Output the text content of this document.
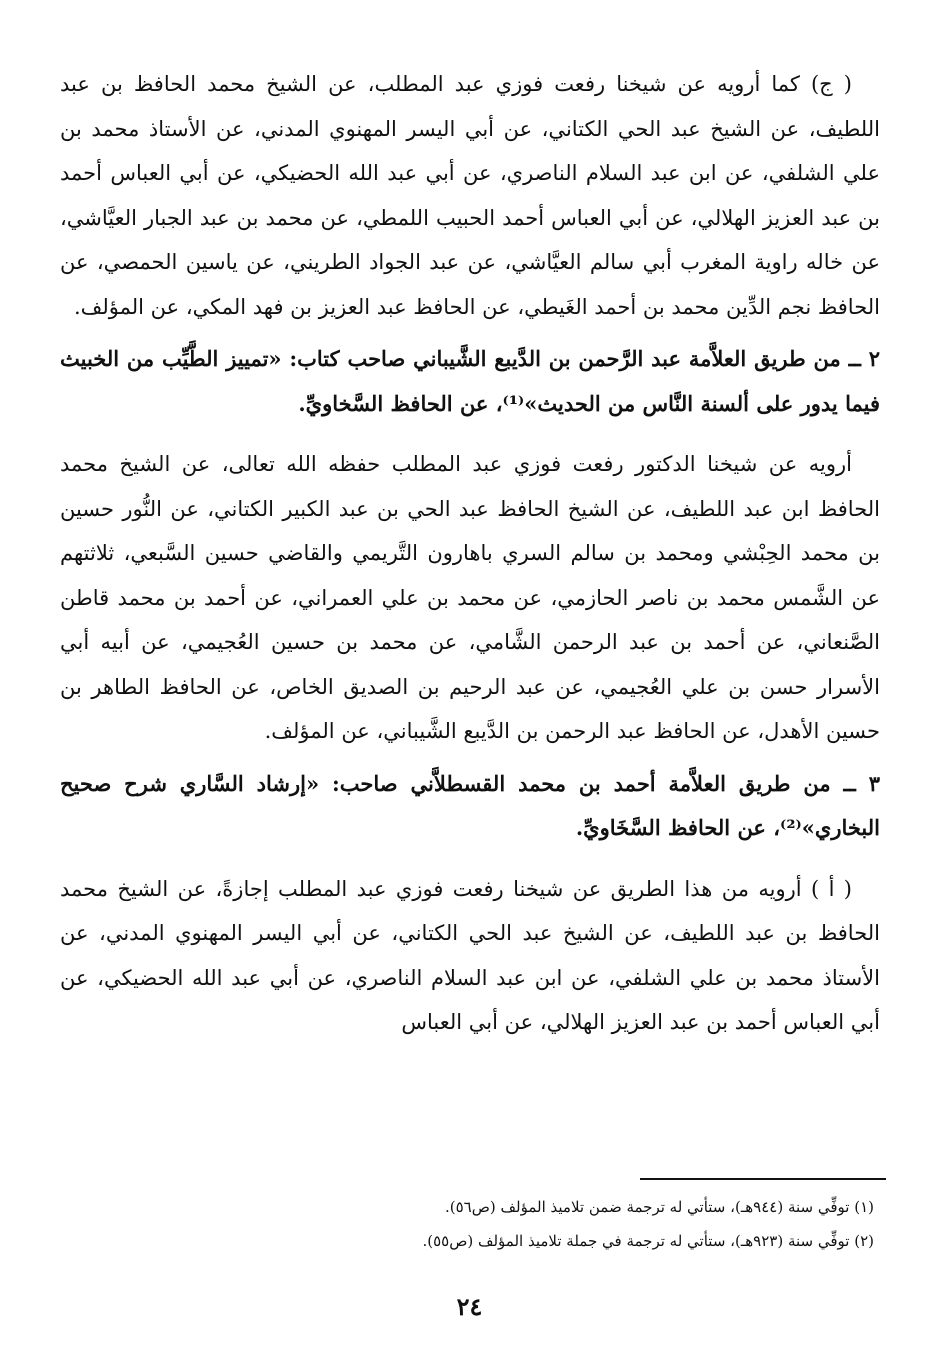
( ج) كما أرويه عن شيخنا رفعت فوزي عبد المطلب، عن الشيخ محمد الحافظ بن عبد اللطيف، عن الشيخ عبد الحي الكتاني، عن أبي اليسر المهنوي المدني، عن الأستاذ محمد بن علي الشلفي، عن ابن عبد السلام الناصري، عن أبي عبد الله الحضيكي، عن أبي العباس أحمد بن عبد العزيز الهلالي، عن أبي العباس أحمد الحبيب اللمطي، عن محمد بن عبد الجبار العيَّاشي، عن خاله راوية المغرب أبي سالم العيَّاشي، عن عبد الجواد الطريني، عن ياسين الحمصي، عن الحافظ نجم الدِّين محمد بن أحمد الغَيطي، عن الحافظ عبد العزيز بن فهد المكي، عن المؤلف.

٢ ــ من طريق العلاَّمة عبد الرَّحمن بن الدَّيبع الشَّيباني صاحب كتاب: «تمييز الطَّيِّب من الخبيث فيما يدور على ألسنة النَّاس من الحديث»⁽¹⁾، عن الحافظ السَّخاويِّ.

أرويه عن شيخنا الدكتور رفعت فوزي عبد المطلب حفظه الله تعالى، عن الشيخ محمد الحافظ ابن عبد اللطيف، عن الشيخ الحافظ عبد الحي بن عبد الكبير الكتاني، عن النُّور حسين بن محمد الحِبْشي ومحمد بن سالم السري باهارون التَّريمي والقاضي حسين السَّبعي، ثلاثتهم عن الشَّمس محمد بن ناصر الحازمي، عن محمد بن علي العمراني، عن أحمد بن محمد قاطن الصَّنعاني، عن أحمد بن عبد الرحمن الشَّامي، عن محمد بن حسين العُجيمي، عن أبيه أبي الأسرار حسن بن علي العُجيمي، عن عبد الرحيم بن الصديق الخاص، عن الحافظ الطاهر بن حسين الأهدل، عن الحافظ عبد الرحمن بن الدَّيبع الشَّيباني، عن المؤلف.

٣ ــ من طريق العلاَّمة أحمد بن محمد القسطلاَّني صاحب: «إرشاد السَّاري شرح صحيح البخاري»⁽²⁾، عن الحافظ السَّخَاويِّ.

( أ ) أرويه من هذا الطريق عن شيخنا رفعت فوزي عبد المطلب إجازةً، عن الشيخ محمد الحافظ بن عبد اللطيف، عن الشيخ عبد الحي الكتاني، عن أبي اليسر المهنوي المدني، عن الأستاذ محمد بن علي الشلفي، عن ابن عبد السلام الناصري، عن أبي عبد الله الحضيكي، عن أبي العباس أحمد بن عبد العزيز الهلالي، عن أبي العباس

(١) توفِّي سنة (٩٤٤هـ)، ستأتي له ترجمة ضمن تلاميذ المؤلف (ص٥٦).

(٢) توفِّي سنة (٩٢٣هـ)، ستأتي له ترجمة في جملة تلاميذ المؤلف (ص٥٥).

٢٤
